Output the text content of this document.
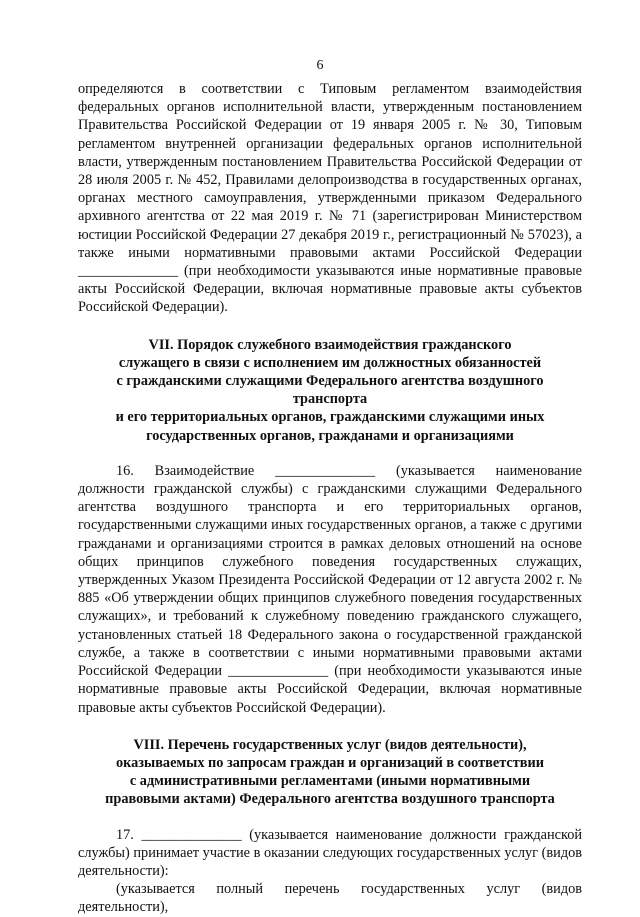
6

определяются в соответствии с Типовым регламентом взаимодействия федеральных органов исполнительной власти, утвержденным постановлением Правительства Российской Федерации от 19 января 2005 г. № 30, Типовым регламентом внутренней организации федеральных органов исполнительной власти, утвержденным постановлением Правительства Российской Федерации от 28 июля 2005 г. № 452, Правилами делопроизводства в государственных органах, органах местного самоуправления, утвержденными приказом Федерального архивного агентства от 22 мая 2019 г. № 71 (зарегистрирован Министерством юстиции Российской Федерации 27 декабря 2019 г., регистрационный № 57023), а также иными нормативными правовыми актами Российской Федерации ______________ (при необходимости указываются иные нормативные правовые акты Российской Федерации, включая нормативные правовые акты субъектов Российской Федерации).

VII. Порядок служебного взаимодействия гражданского

служащего в связи с исполнением им должностных обязанностей

с гражданскими служащими Федерального агентства воздушного транспорта

и его территориальных органов, гражданскими служащими иных

государственных органов, гражданами и организациями

16. Взаимодействие ______________ (указывается наименование должности гражданской службы) с гражданскими служащими Федерального агентства воздушного транспорта и его территориальных органов, государственными служащими иных государственных органов, а также с другими гражданами и организациями строится в рамках деловых отношений на основе общих принципов служебного поведения государственных служащих, утвержденных Указом Президента Российской Федерации от 12 августа 2002 г. № 885 «Об утверждении общих принципов служебного поведения государственных служащих», и требований к служебному поведению гражданского служащего, установленных статьей 18 Федерального закона о государственной гражданской службе, а также в соответствии с иными нормативными правовыми актами Российской Федерации ______________ (при необходимости указываются иные нормативные правовые акты Российской Федерации, включая нормативные правовые акты субъектов Российской Федерации).

VIII. Перечень государственных услуг (видов деятельности),

оказываемых по запросам граждан и организаций в соответствии

с административными регламентами (иными нормативными

правовыми актами) Федерального агентства воздушного транспорта

17. ______________ (указывается наименование должности гражданской службы) принимает участие в оказании следующих государственных услуг (видов деятельности):

(указывается полный перечень государственных услуг (видов деятельности),
